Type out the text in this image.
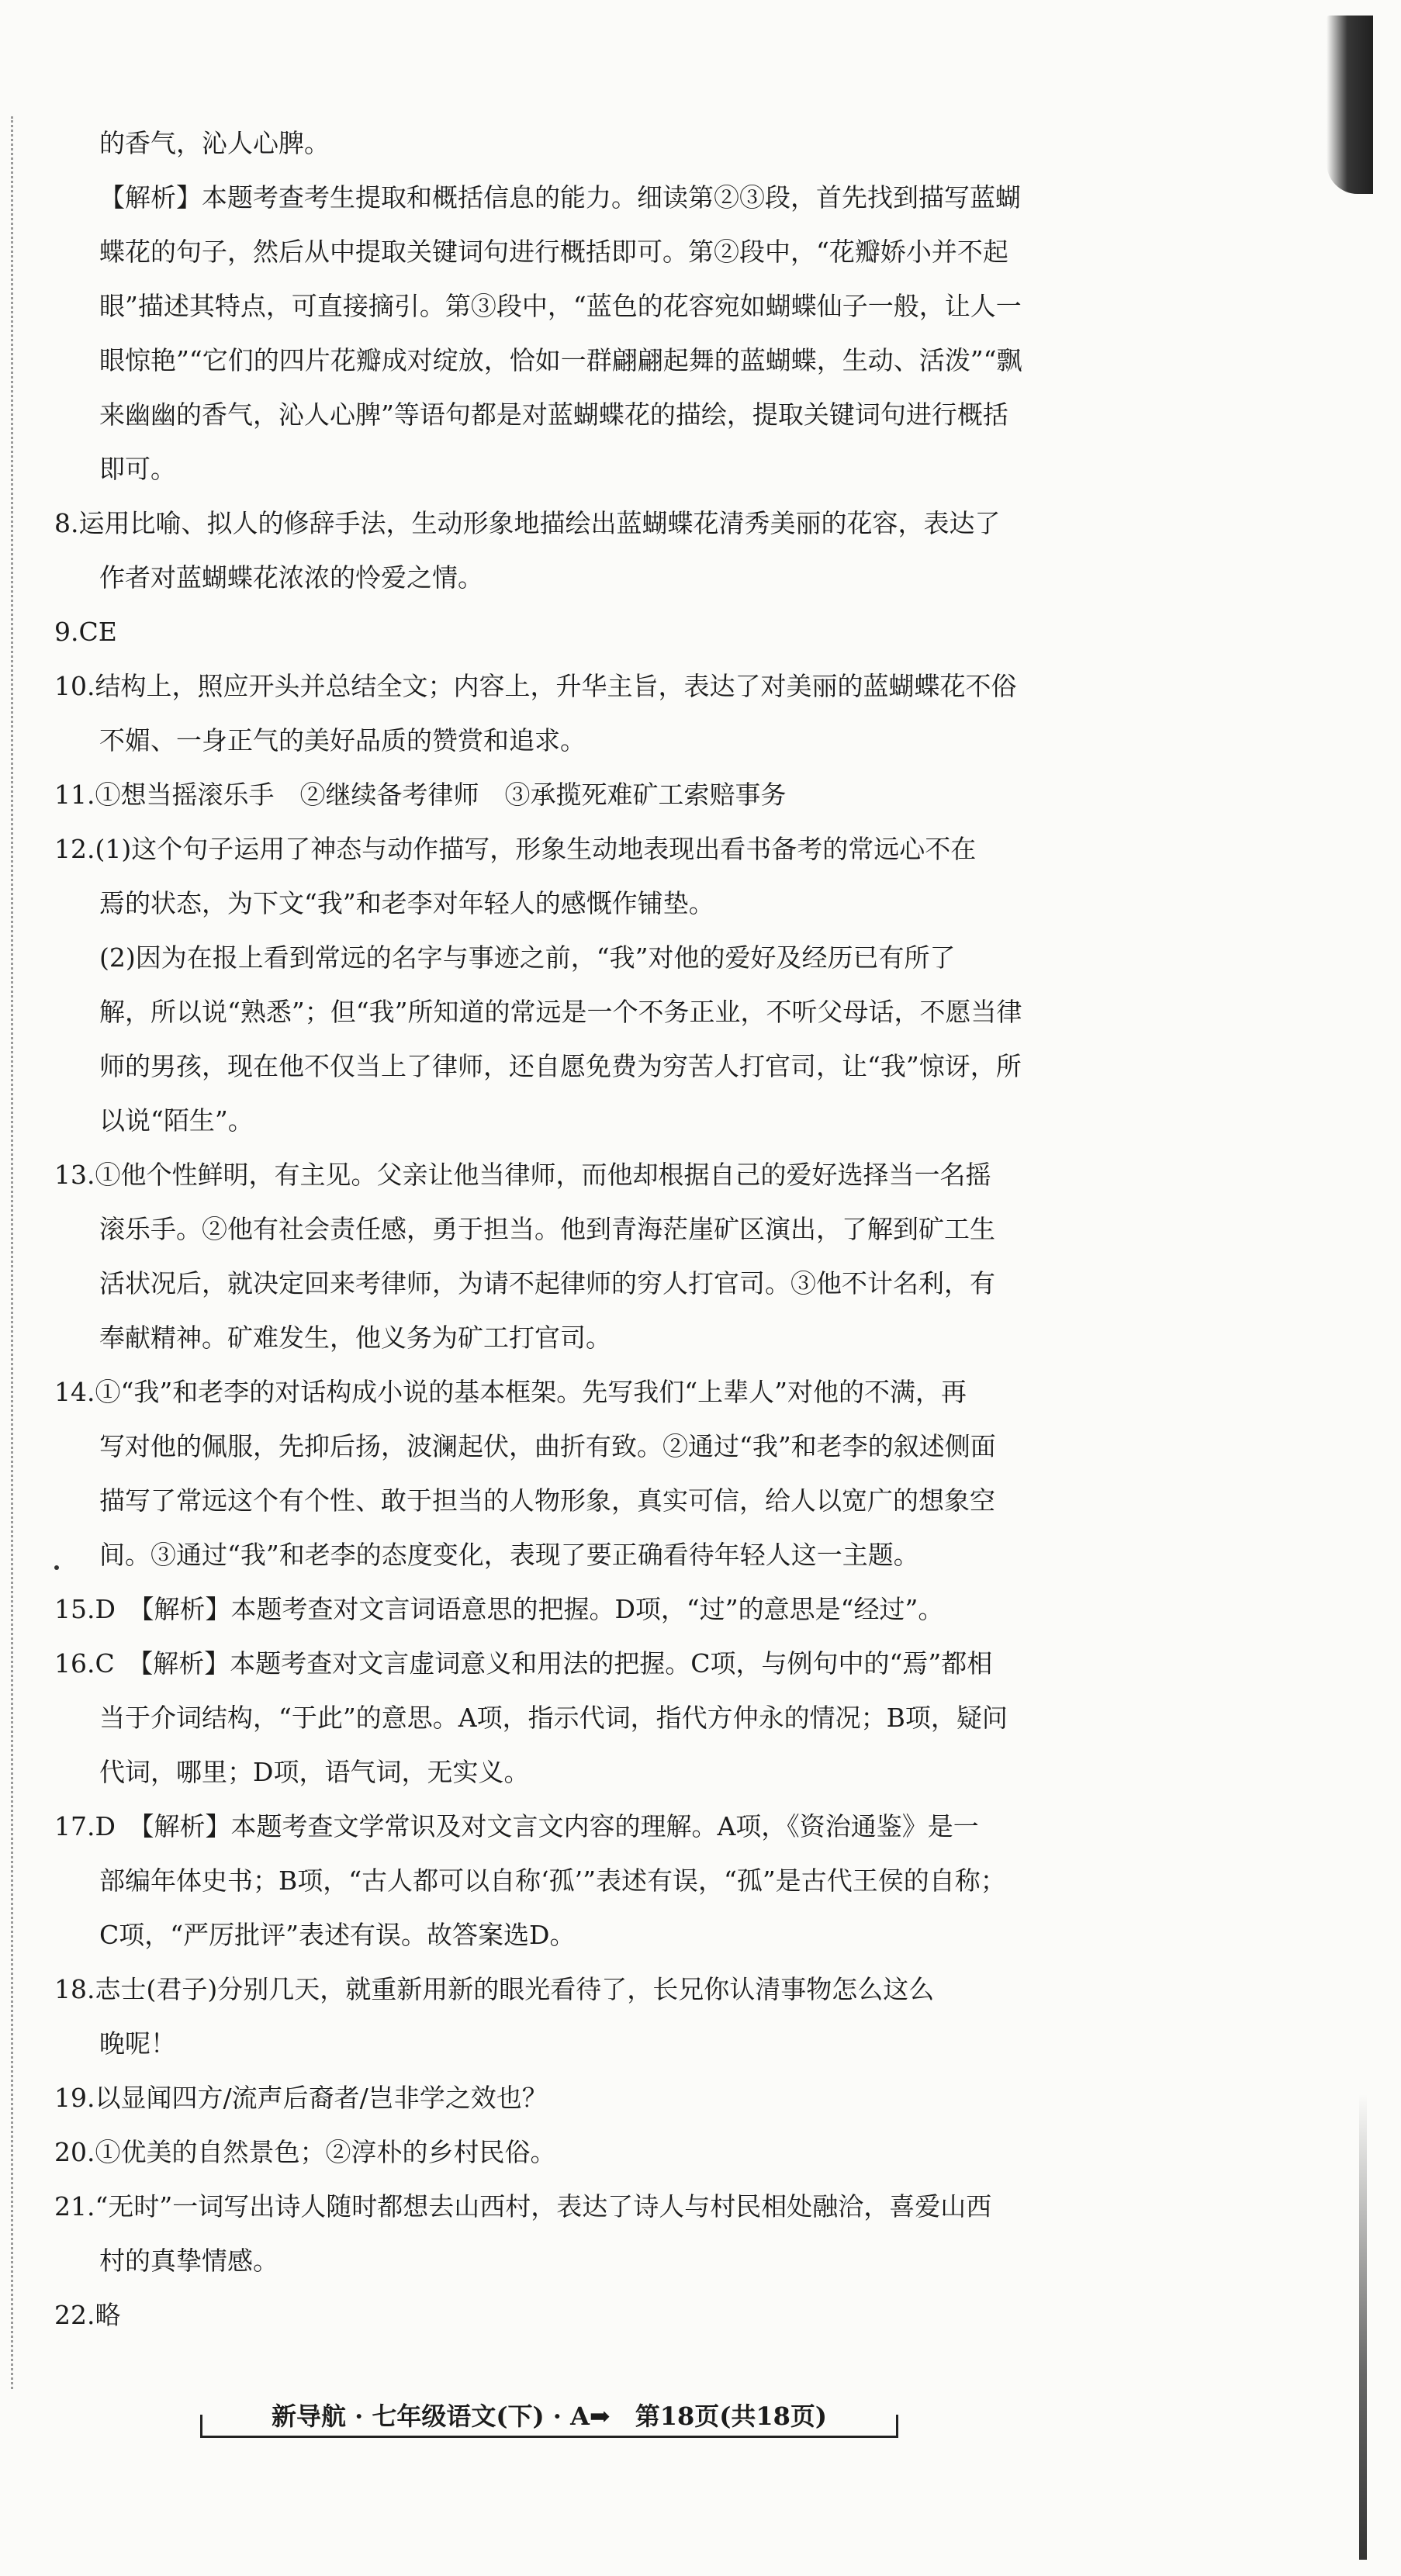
的香气，沁人心脾。
【解析】本题考查考生提取和概括信息的能力。细读第②③段，首先找到描写蓝蝴
蝶花的句子，然后从中提取关键词句进行概括即可。第②段中，“花瓣娇小并不起
眼”描述其特点，可直接摘引。第③段中，“蓝色的花容宛如蝴蝶仙子一般，让人一
眼惊艳”“它们的四片花瓣成对绽放，恰如一群翩翩起舞的蓝蝴蝶，生动、活泼”“飘
来幽幽的香气，沁人心脾”等语句都是对蓝蝴蝶花的描绘，提取关键词句进行概括
即可。
8.运用比喻、拟人的修辞手法，生动形象地描绘出蓝蝴蝶花清秀美丽的花容，表达了
作者对蓝蝴蝶花浓浓的怜爱之情。
9.CE
10.结构上，照应开头并总结全文；内容上，升华主旨，表达了对美丽的蓝蝴蝶花不俗
不媚、一身正气的美好品质的赞赏和追求。
11.①想当摇滚乐手　②继续备考律师　③承揽死难矿工索赔事务
12.(1)这个句子运用了神态与动作描写，形象生动地表现出看书备考的常远心不在
焉的状态，为下文“我”和老李对年轻人的感慨作铺垫。
(2)因为在报上看到常远的名字与事迹之前，“我”对他的爱好及经历已有所了
解，所以说“熟悉”；但“我”所知道的常远是一个不务正业，不听父母话，不愿当律
师的男孩，现在他不仅当上了律师，还自愿免费为穷苦人打官司，让“我”惊讶，所
以说“陌生”。
13.①他个性鲜明，有主见。父亲让他当律师，而他却根据自己的爱好选择当一名摇
滚乐手。②他有社会责任感，勇于担当。他到青海茫崖矿区演出，了解到矿工生
活状况后，就决定回来考律师，为请不起律师的穷人打官司。③他不计名利，有
奉献精神。矿难发生，他义务为矿工打官司。
14.①“我”和老李的对话构成小说的基本框架。先写我们“上辈人”对他的不满，再
写对他的佩服，先抑后扬，波澜起伏，曲折有致。②通过“我”和老李的叙述侧面
描写了常远这个有个性、敢于担当的人物形象，真实可信，给人以宽广的想象空
间。③通过“我”和老李的态度变化，表现了要正确看待年轻人这一主题。
15.D　【解析】本题考查对文言词语意思的把握。D项，“过”的意思是“经过”。
16.C　【解析】本题考查对文言虚词意义和用法的把握。C项，与例句中的“焉”都相
当于介词结构，“于此”的意思。A项，指示代词，指代方仲永的情况；B项，疑问
代词，哪里；D项，语气词，无实义。
17.D　【解析】本题考查文学常识及对文言文内容的理解。A项，《资治通鉴》是一
部编年体史书；B项，“古人都可以自称‘孤’”表述有误，“孤”是古代王侯的自称；
C项，“严厉批评”表述有误。故答案选D。
18.志士(君子)分别几天，就重新用新的眼光看待了，长兄你认清事物怎么这么
晚呢！
19.以显闻四方/流声后裔者/岂非学之效也？
20.①优美的自然景色；②淳朴的乡村民俗。
21.“无时”一词写出诗人随时都想去山西村，表达了诗人与村民相处融洽，喜爱山西
村的真挚情感。
22.略
新导航 · 七年级语文(下) · A➡　第18页(共18页)
